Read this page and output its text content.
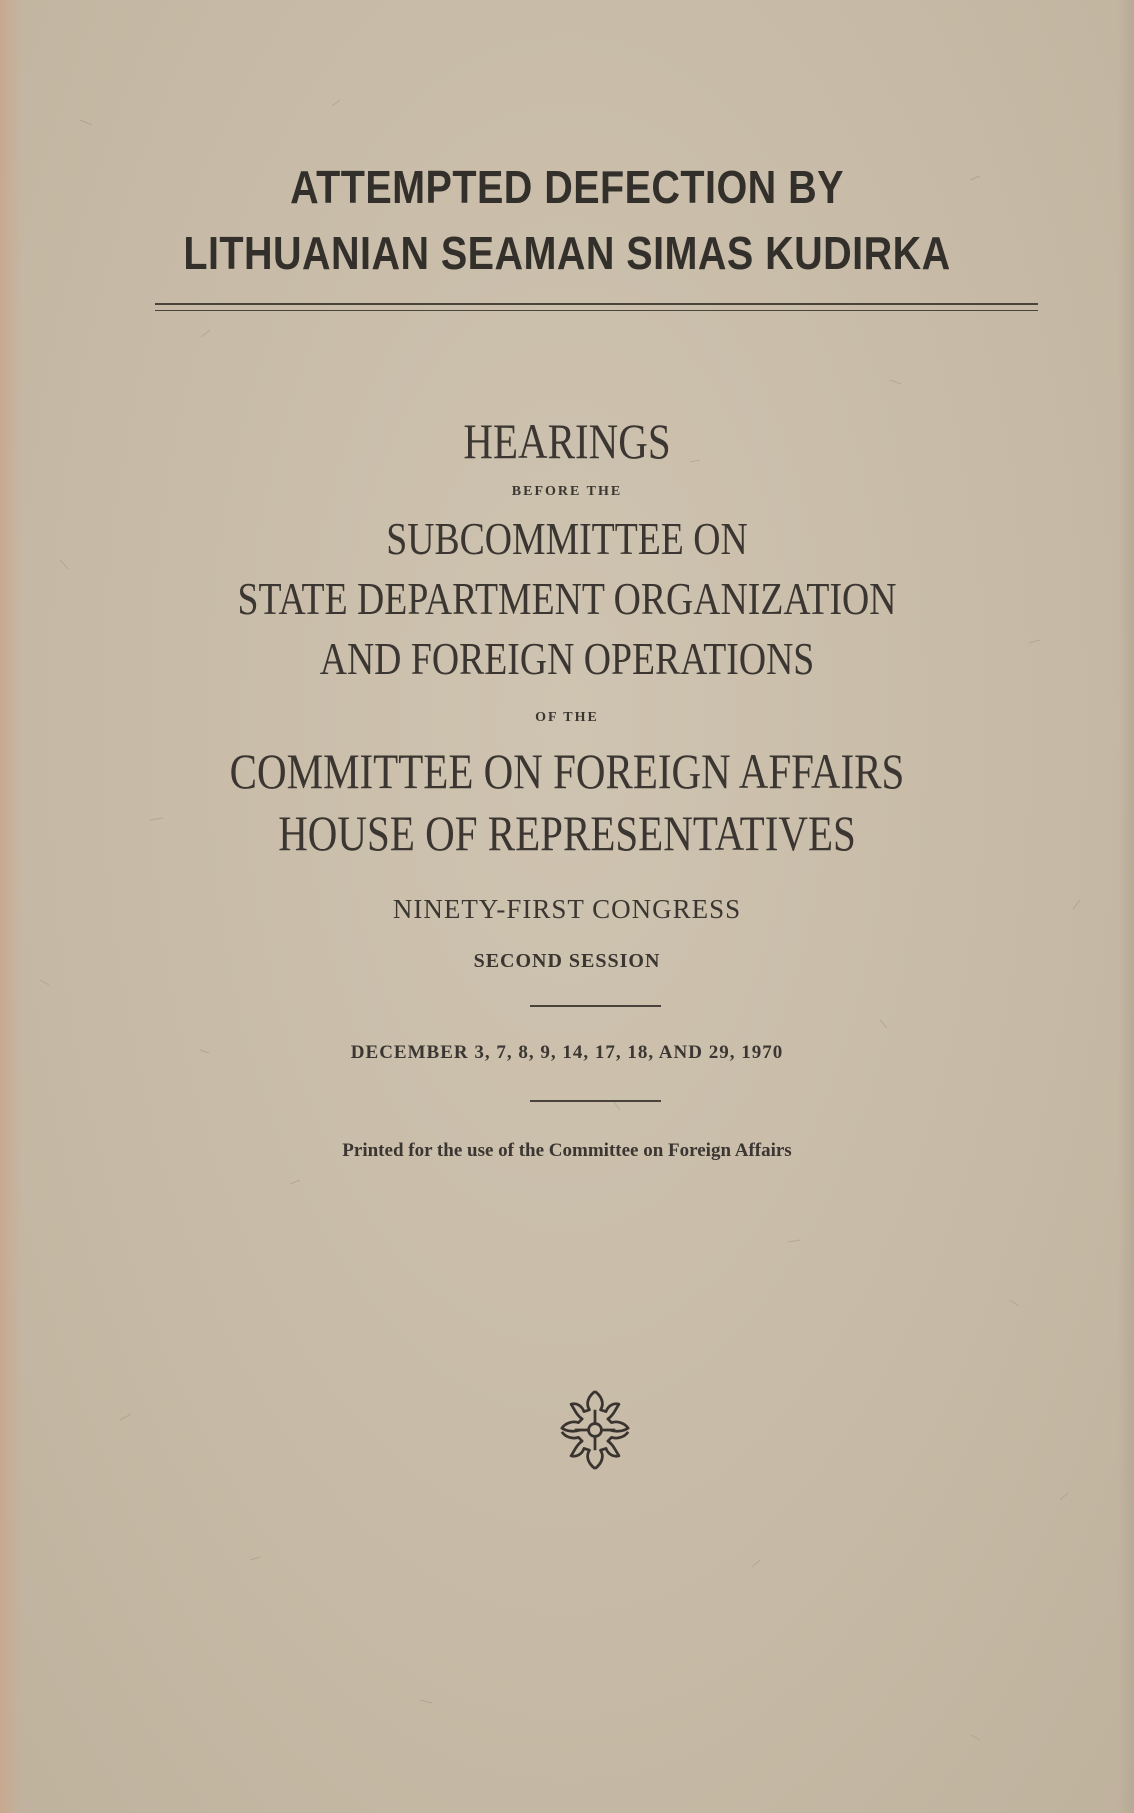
ATTEMPTED DEFECTION BY
LITHUANIAN SEAMAN SIMAS KUDIRKA
HEARINGS
BEFORE THE
SUBCOMMITTEE ON
STATE DEPARTMENT ORGANIZATION
AND FOREIGN OPERATIONS
OF THE
COMMITTEE ON FOREIGN AFFAIRS
HOUSE OF REPRESENTATIVES
NINETY-FIRST CONGRESS
SECOND SESSION
DECEMBER 3, 7, 8, 9, 14, 17, 18, AND 29, 1970
Printed for the use of the Committee on Foreign Affairs
